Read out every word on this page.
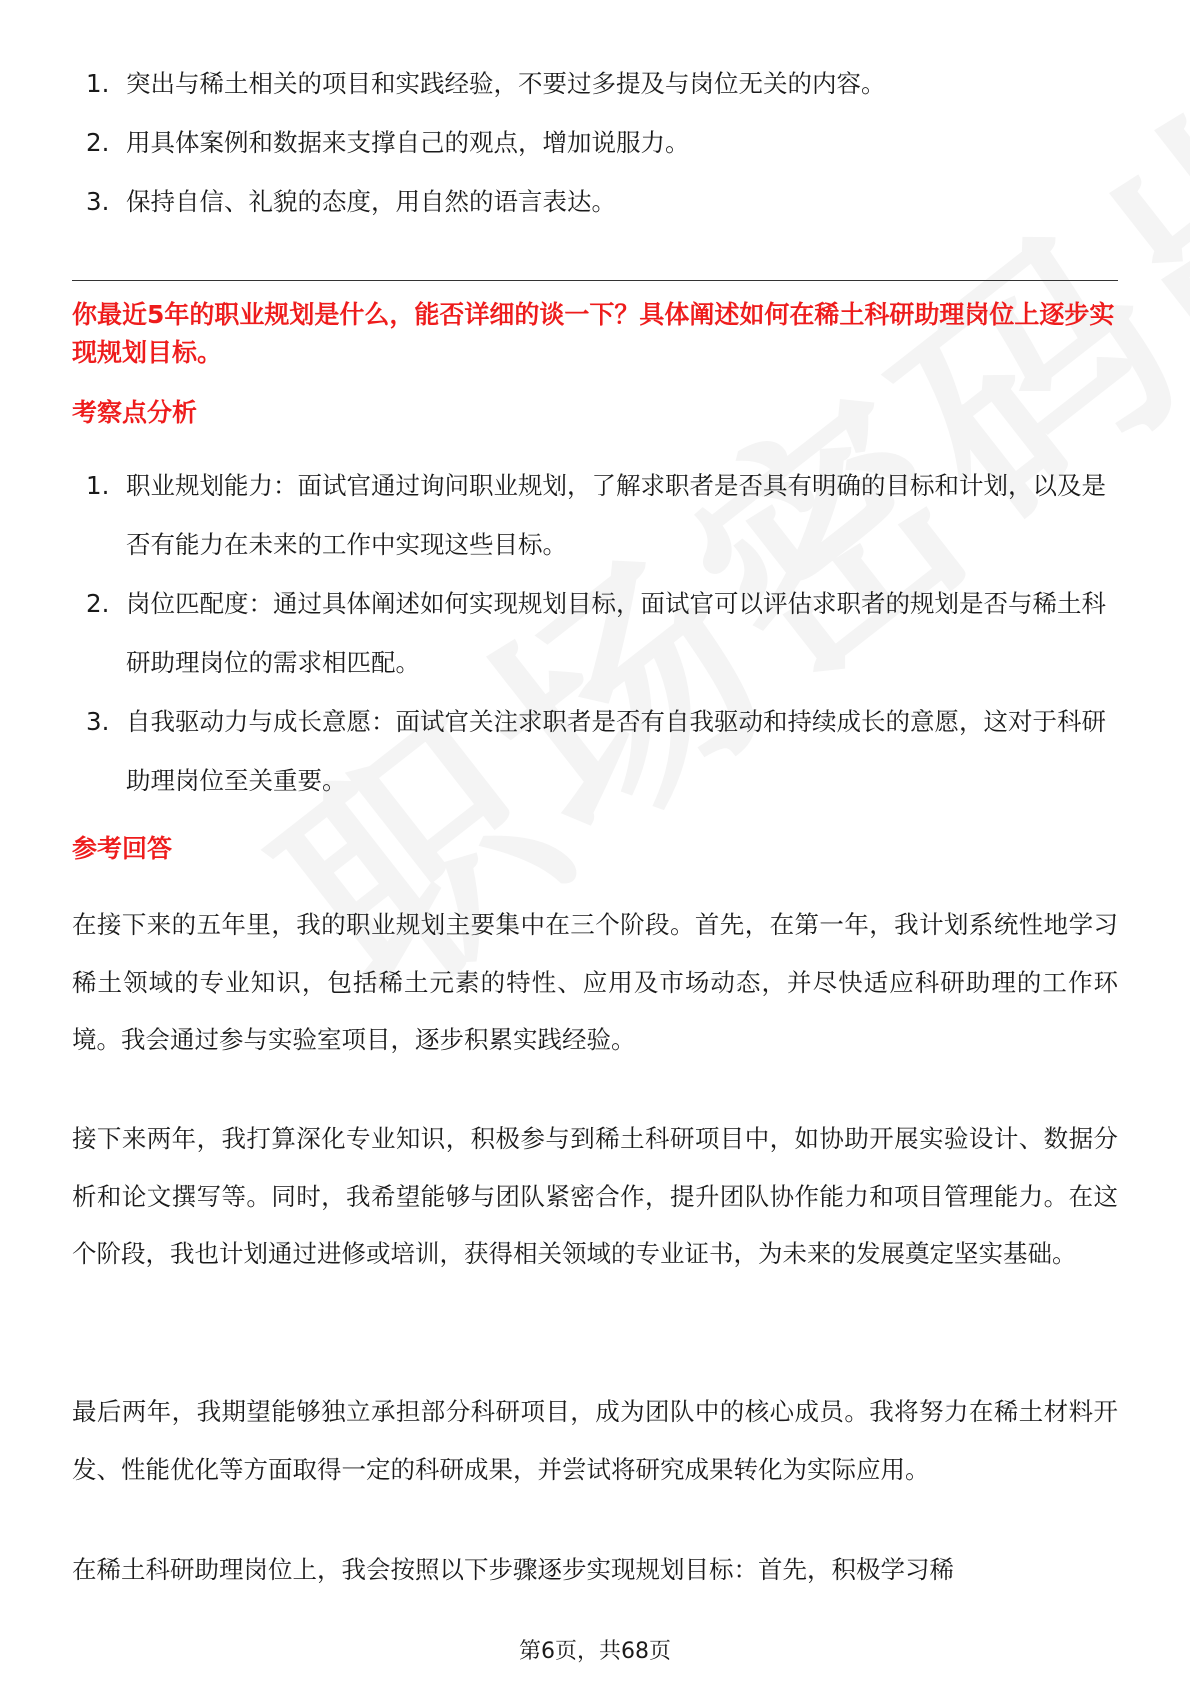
1. 突出与稀土相关的项目和实践经验，不要过多提及与岗位无关的内容。
2. 用具体案例和数据来支撑自己的观点，增加说服力。
3. 保持自信、礼貌的态度，用自然的语言表达。
你最近5年的职业规划是什么，能否详细的谈一下？具体阐述如何在稀土科研助理岗位上逐步实现规划目标。
考察点分析
1. 职业规划能力：面试官通过询问职业规划，了解求职者是否具有明确的目标和计划，以及是否有能力在未来的工作中实现这些目标。
2. 岗位匹配度：通过具体阐述如何实现规划目标，面试官可以评估求职者的规划是否与稀土科研助理岗位的需求相匹配。
3. 自我驱动力与成长意愿：面试官关注求职者是否有自我驱动和持续成长的意愿，这对于科研助理岗位至关重要。
参考回答

在接下来的五年里，我的职业规划主要集中在三个阶段。首先，在第一年，我计划系统性地学习稀土领域的专业知识，包括稀土元素的特性、应用及市场动态，并尽快适应科研助理的工作环境。我会通过参与实验室项目，逐步积累实践经验。

接下来两年，我打算深化专业知识，积极参与到稀土科研项目中，如协助开展实验设计、数据分析和论文撰写等。同时，我希望能够与团队紧密合作，提升团队协作能力和项目管理能力。在这个阶段，我也计划通过进修或培训，获得相关领域的专业证书，为未来的发展奠定坚实基础。

最后两年，我期望能够独立承担部分科研项目，成为团队中的核心成员。我将努力在稀土材料开发、性能优化等方面取得一定的科研成果，并尝试将研究成果转化为实际应用。

在稀土科研助理岗位上，我会按照以下步骤逐步实现规划目标：首先，积极学习稀

第6页，共68页
